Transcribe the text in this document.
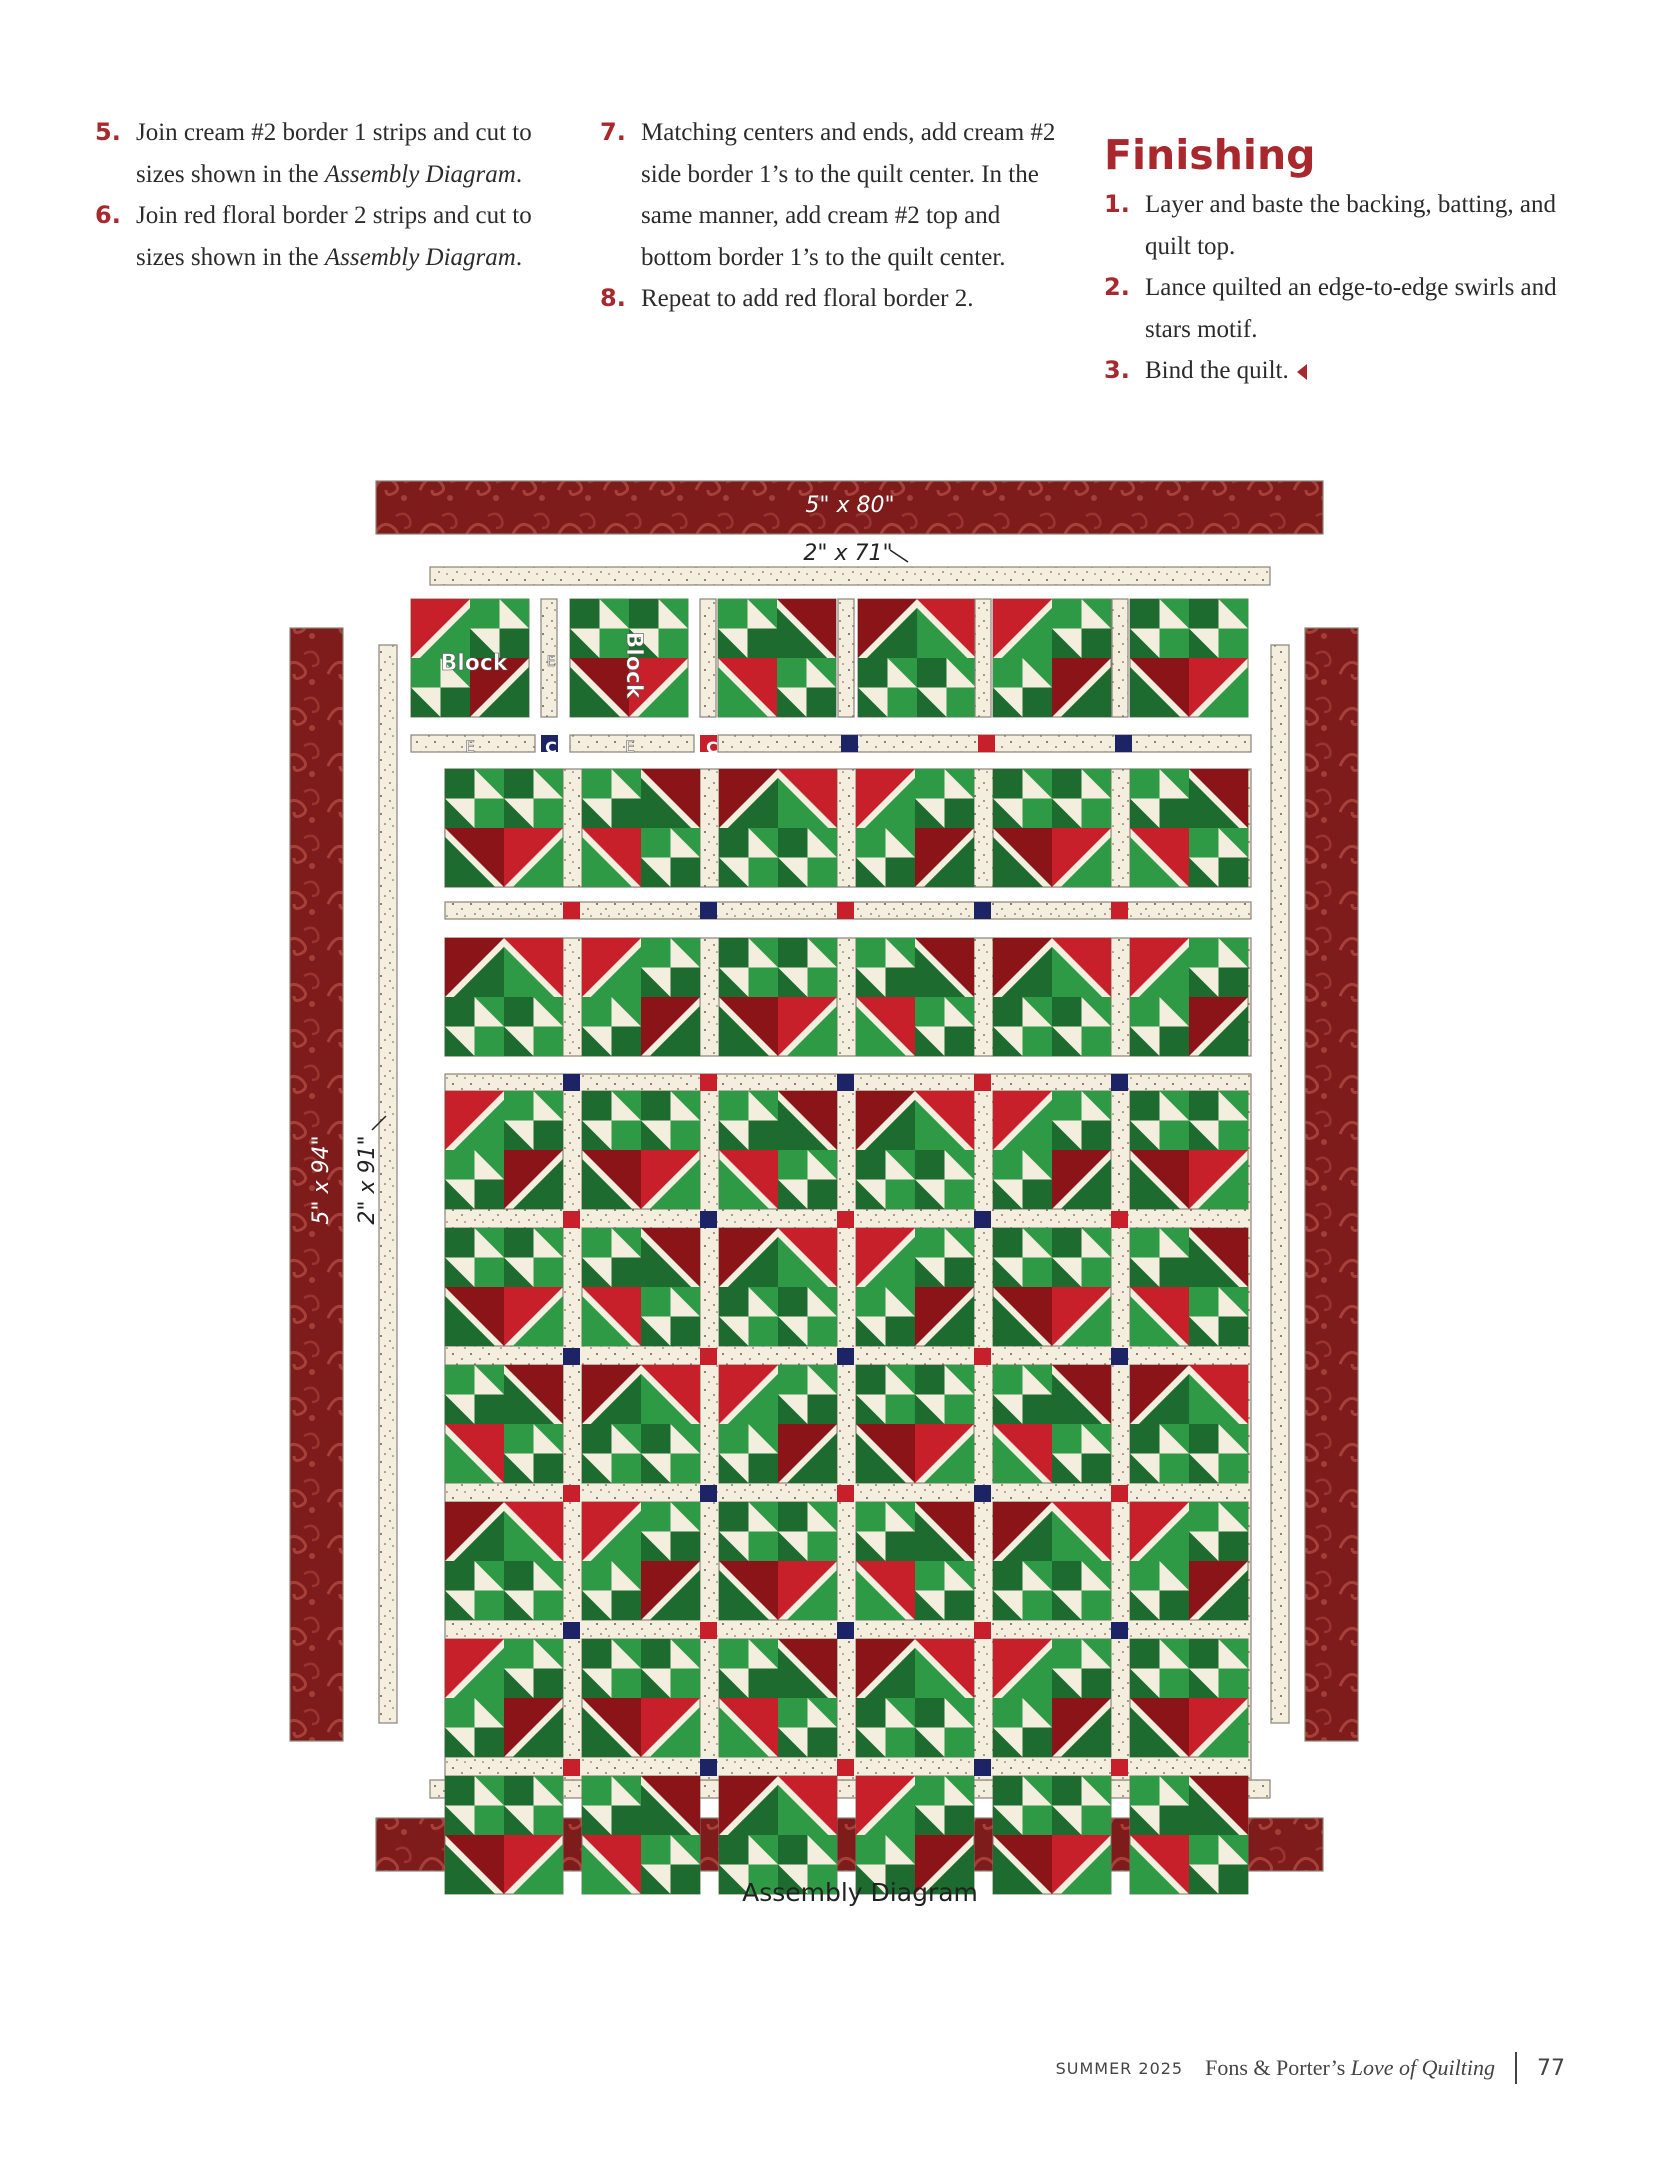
5. Join cream #2 border 1 strips and cut to sizes shown in the Assembly Diagram.
6. Join red floral border 2 strips and cut to sizes shown in the Assembly Diagram.
7. Matching centers and ends, add cream #2 side border 1’s to the quilt center. In the same manner, add cream #2 top and bottom border 1’s to the quilt center.
8. Repeat to add red floral border 2.
Finishing
1. Layer and baste the backing, batting, and quilt top.
2. Lance quilted an edge-to-edge swirls and stars motif.
3. Bind the quilt.
5" x 80"
2" x 71"
5" x 94" 2" x 91"
Block	Block
E
E	E
C	C
Assembly Diagram
SUMMER 2025 Fons & Porter’s Love of Quilting 77
